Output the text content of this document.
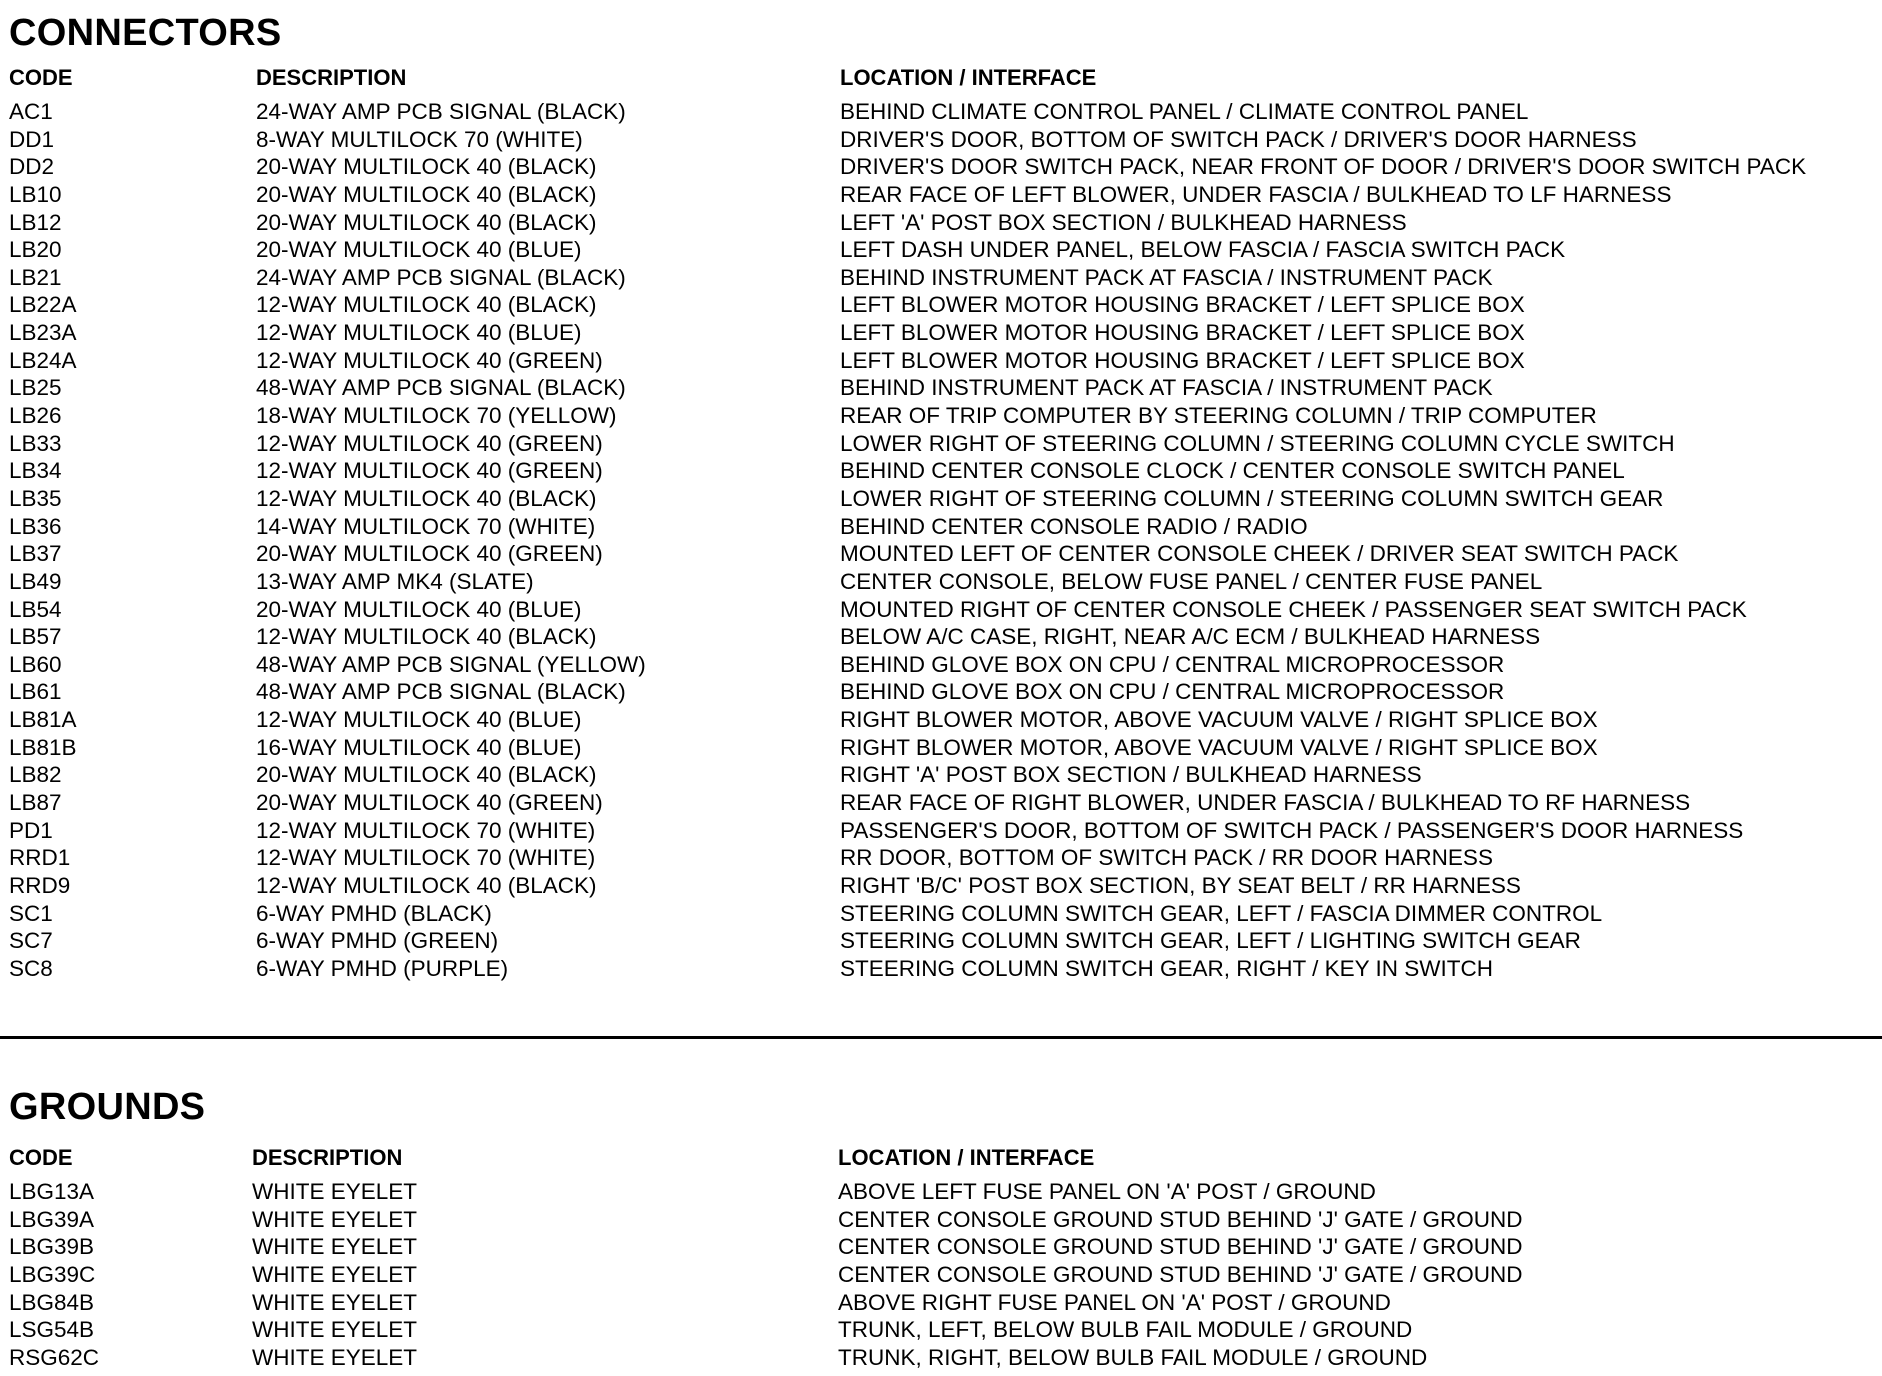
CONNECTORS
CODE	DESCRIPTION	LOCATION / INTERFACE
AC1	24-WAY AMP PCB SIGNAL (BLACK)	BEHIND CLIMATE CONTROL PANEL / CLIMATE CONTROL PANEL
DD1	8-WAY MULTILOCK 70 (WHITE)	DRIVER'S DOOR, BOTTOM OF SWITCH PACK / DRIVER'S DOOR HARNESS
DD2	20-WAY MULTILOCK 40 (BLACK)	DRIVER'S DOOR SWITCH PACK, NEAR FRONT OF DOOR / DRIVER'S DOOR SWITCH PACK
LB10	20-WAY MULTILOCK 40 (BLACK)	REAR FACE OF LEFT BLOWER, UNDER FASCIA / BULKHEAD TO LF HARNESS
LB12	20-WAY MULTILOCK 40 (BLACK)	LEFT 'A' POST BOX SECTION / BULKHEAD HARNESS
LB20	20-WAY MULTILOCK 40 (BLUE)	LEFT DASH UNDER PANEL, BELOW FASCIA / FASCIA SWITCH PACK
LB21	24-WAY AMP PCB SIGNAL (BLACK)	BEHIND INSTRUMENT PACK AT FASCIA / INSTRUMENT PACK
LB22A	12-WAY MULTILOCK 40 (BLACK)	LEFT BLOWER MOTOR HOUSING BRACKET / LEFT SPLICE BOX
LB23A	12-WAY MULTILOCK 40 (BLUE)	LEFT BLOWER MOTOR HOUSING BRACKET / LEFT SPLICE BOX
LB24A	12-WAY MULTILOCK 40 (GREEN)	LEFT BLOWER MOTOR HOUSING BRACKET / LEFT SPLICE BOX
LB25	48-WAY AMP PCB SIGNAL (BLACK)	BEHIND INSTRUMENT PACK AT FASCIA / INSTRUMENT PACK
LB26	18-WAY MULTILOCK 70 (YELLOW)	REAR OF TRIP COMPUTER BY STEERING COLUMN / TRIP COMPUTER
LB33	12-WAY MULTILOCK 40 (GREEN)	LOWER RIGHT OF STEERING COLUMN / STEERING COLUMN CYCLE SWITCH
LB34	12-WAY MULTILOCK 40 (GREEN)	BEHIND CENTER CONSOLE CLOCK / CENTER CONSOLE SWITCH PANEL
LB35	12-WAY MULTILOCK 40 (BLACK)	LOWER RIGHT OF STEERING COLUMN / STEERING COLUMN SWITCH GEAR
LB36	14-WAY MULTILOCK 70 (WHITE)	BEHIND CENTER CONSOLE RADIO / RADIO
LB37	20-WAY MULTILOCK 40 (GREEN)	MOUNTED LEFT OF CENTER CONSOLE CHEEK / DRIVER SEAT SWITCH PACK
LB49	13-WAY AMP MK4 (SLATE)	CENTER CONSOLE, BELOW FUSE PANEL / CENTER FUSE PANEL
LB54	20-WAY MULTILOCK 40 (BLUE)	MOUNTED RIGHT OF CENTER CONSOLE CHEEK / PASSENGER SEAT SWITCH PACK
LB57	12-WAY MULTILOCK 40 (BLACK)	BELOW A/C CASE, RIGHT, NEAR A/C ECM / BULKHEAD HARNESS
LB60	48-WAY AMP PCB SIGNAL (YELLOW)	BEHIND GLOVE BOX ON CPU / CENTRAL MICROPROCESSOR
LB61	48-WAY AMP PCB SIGNAL (BLACK)	BEHIND GLOVE BOX ON CPU / CENTRAL MICROPROCESSOR
LB81A	12-WAY MULTILOCK 40 (BLUE)	RIGHT BLOWER MOTOR, ABOVE VACUUM VALVE / RIGHT SPLICE BOX
LB81B	16-WAY MULTILOCK 40 (BLUE)	RIGHT BLOWER MOTOR, ABOVE VACUUM VALVE / RIGHT SPLICE BOX
LB82	20-WAY MULTILOCK 40 (BLACK)	RIGHT 'A' POST BOX SECTION / BULKHEAD HARNESS
LB87	20-WAY MULTILOCK 40 (GREEN)	REAR FACE OF RIGHT BLOWER, UNDER FASCIA / BULKHEAD TO RF HARNESS
PD1	12-WAY MULTILOCK 70 (WHITE)	PASSENGER'S DOOR, BOTTOM OF SWITCH PACK / PASSENGER'S DOOR HARNESS
RRD1	12-WAY MULTILOCK 70 (WHITE)	RR DOOR, BOTTOM OF SWITCH PACK / RR DOOR HARNESS
RRD9	12-WAY MULTILOCK 40 (BLACK)	RIGHT 'B/C' POST BOX SECTION, BY SEAT BELT / RR HARNESS
SC1	6-WAY PMHD (BLACK)	STEERING COLUMN SWITCH GEAR, LEFT / FASCIA DIMMER CONTROL
SC7	6-WAY PMHD (GREEN)	STEERING COLUMN SWITCH GEAR, LEFT / LIGHTING SWITCH GEAR
SC8	6-WAY PMHD (PURPLE)	STEERING COLUMN SWITCH GEAR, RIGHT / KEY IN SWITCH
GROUNDS
CODE	DESCRIPTION	LOCATION / INTERFACE
LBG13A	WHITE EYELET	ABOVE LEFT FUSE PANEL ON 'A' POST / GROUND
LBG39A	WHITE EYELET	CENTER CONSOLE GROUND STUD BEHIND 'J' GATE / GROUND
LBG39B	WHITE EYELET	CENTER CONSOLE GROUND STUD BEHIND 'J' GATE / GROUND
LBG39C	WHITE EYELET	CENTER CONSOLE GROUND STUD BEHIND 'J' GATE / GROUND
LBG84B	WHITE EYELET	ABOVE RIGHT FUSE PANEL ON 'A' POST / GROUND
LSG54B	WHITE EYELET	TRUNK, LEFT, BELOW BULB FAIL MODULE / GROUND
RSG62C	WHITE EYELET	TRUNK, RIGHT, BELOW BULB FAIL MODULE / GROUND
